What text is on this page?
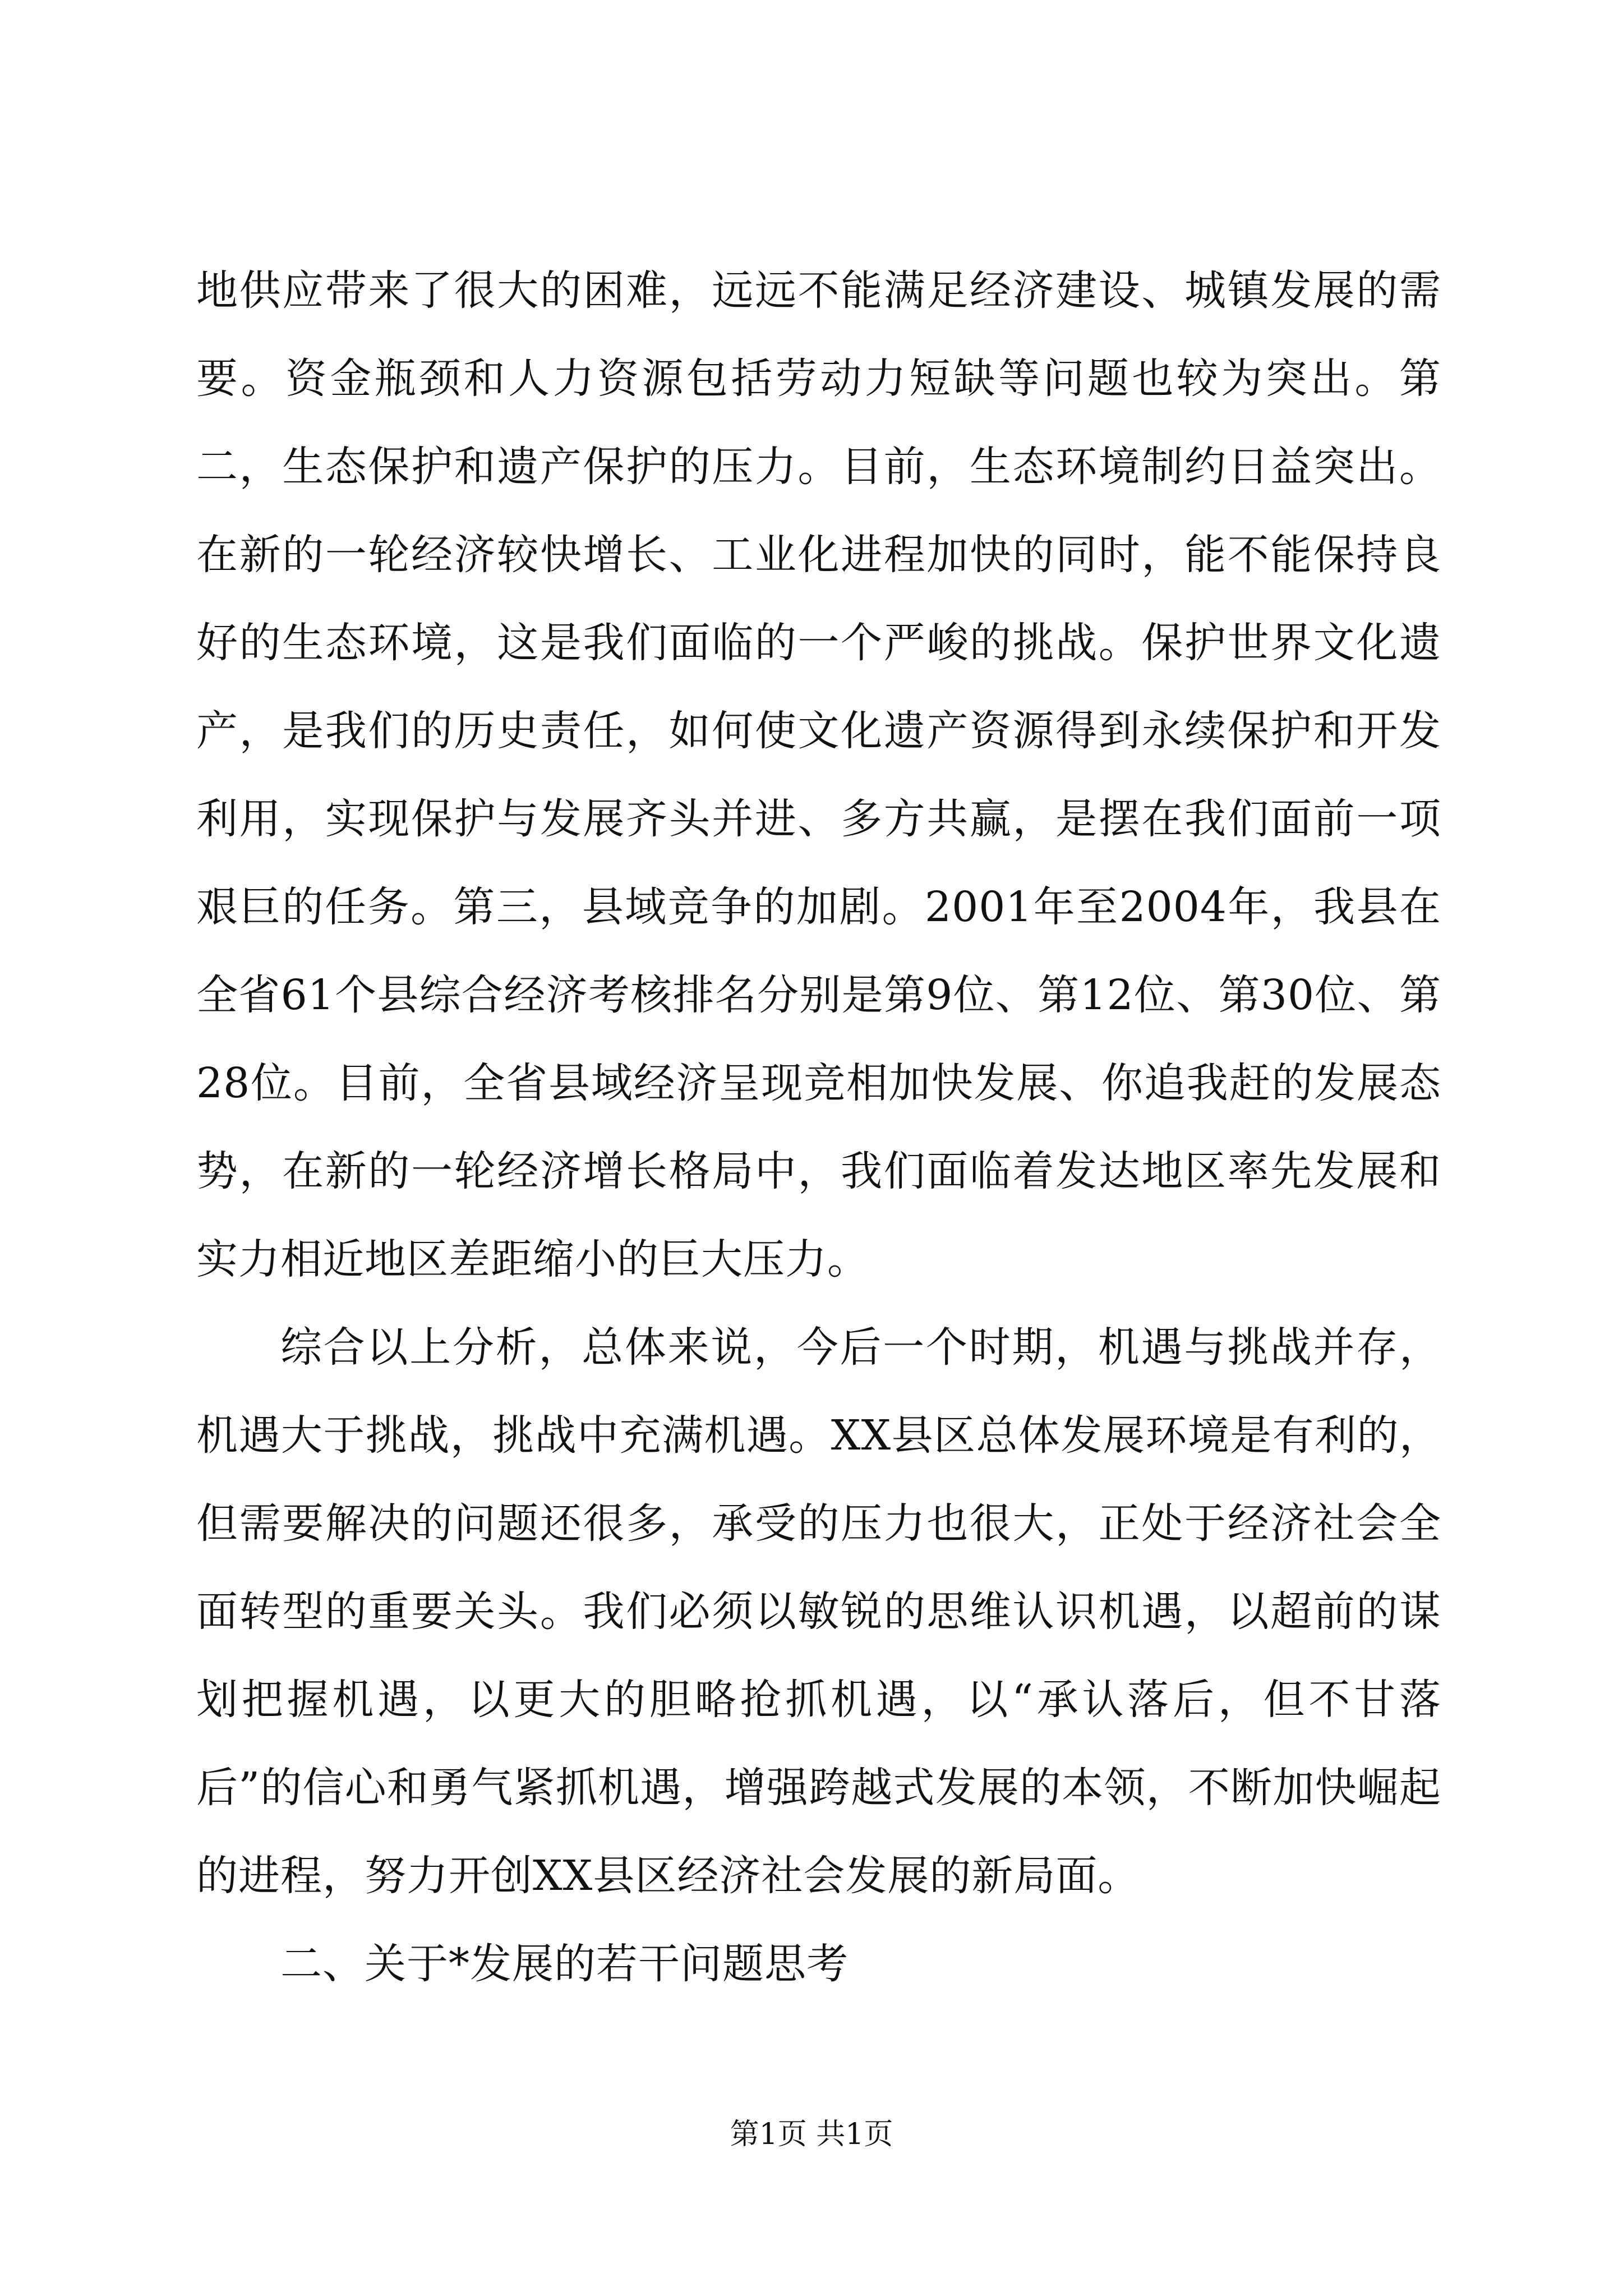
地供应带来了很大的困难，远远不能满足经济建设、城镇发展的需要。资金瓶颈和人力资源包括劳动力短缺等问题也较为突出。第二，生态保护和遗产保护的压力。目前，生态环境制约日益突出。在新的一轮经济较快增长、工业化进程加快的同时，能不能保持良好的生态环境，这是我们面临的一个严峻的挑战。保护世界文化遗产，是我们的历史责任，如何使文化遗产资源得到永续保护和开发利用，实现保护与发展齐头并进、多方共赢，是摆在我们面前一项艰巨的任务。第三，县域竞争的加剧。2001年至2004年，我县在全省61个县综合经济考核排名分别是第9位、第12位、第30位、第28位。目前，全省县域经济呈现竞相加快发展、你追我赶的发展态势，在新的一轮经济增长格局中，我们面临着发达地区率先发展和实力相近地区差距缩小的巨大压力。

综合以上分析，总体来说，今后一个时期，机遇与挑战并存，机遇大于挑战，挑战中充满机遇。XX县区总体发展环境是有利的，但需要解决的问题还很多，承受的压力也很大，正处于经济社会全面转型的重要关头。我们必须以敏锐的思维认识机遇，以超前的谋划把握机遇，以更大的胆略抢抓机遇，以“承认落后，但不甘落后”的信心和勇气紧抓机遇，增强跨越式发展的本领，不断加快崛起的进程，努力开创XX县区经济社会发展的新局面。

二、关于*发展的若干问题思考

第1页 共1页
